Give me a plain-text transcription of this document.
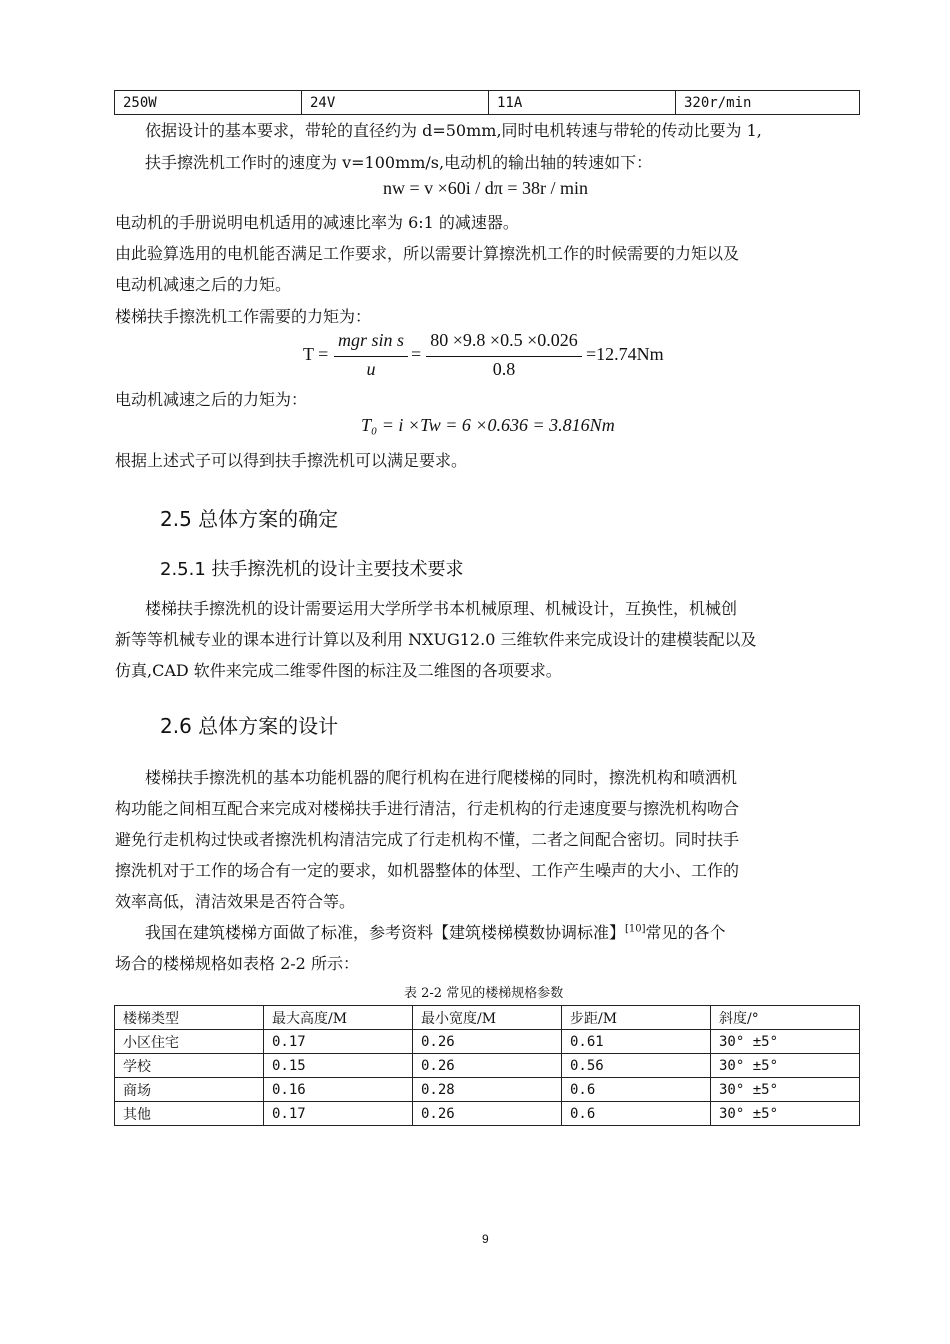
250W	24V	11A	320r/min
依据设计的基本要求，带轮的直径约为 d=50mm,同时电机转速与带轮的传动比要为 1,
扶手擦洗机工作时的速度为 v=100mm/s,电动机的输出轴的转速如下：
nw = v ×60i / dπ = 38r / min
电动机的手册说明电机适用的减速比率为 6:1 的减速器。
由此验算选用的电机能否满足工作要求，所以需要计算擦洗机工作的时候需要的力矩以及
电动机减速之后的力矩。
楼梯扶手擦洗机工作需要的力矩为：
T =
mgr sin s
u
=
80 ×9.8 ×0.5 ×0.026
0.8
=12.74Nm
电动机减速之后的力矩为：
T₀ = i ×Tw = 6 ×0.636 = 3.816Nm
根据上述式子可以得到扶手擦洗机可以满足要求。
2.5 总体方案的确定
2.5.1 扶手擦洗机的设计主要技术要求
楼梯扶手擦洗机的设计需要运用大学所学书本机械原理、机械设计，互换性，机械创
新等等机械专业的课本进行计算以及利用 NXUG12.0 三维软件来完成设计的建模装配以及
仿真,CAD 软件来完成二维零件图的标注及二维图的各项要求。
2.6 总体方案的设计
楼梯扶手擦洗机的基本功能机器的爬行机构在进行爬楼梯的同时，擦洗机构和喷洒机
构功能之间相互配合来完成对楼梯扶手进行清洁，行走机构的行走速度要与擦洗机构吻合
避免行走机构过快或者擦洗机构清洁完成了行走机构不懂，二者之间配合密切。同时扶手
擦洗机对于工作的场合有一定的要求，如机器整体的体型、工作产生噪声的大小、工作的
效率高低，清洁效果是否符合等。
我国在建筑楼梯方面做了标准，参考资料【建筑楼梯模数协调标准】[10]常见的各个
场合的楼梯规格如表格 2-2 所示：
表 2-2 常见的楼梯规格参数
楼梯类型	最大高度/M	最小宽度/M	步距/M	斜度/°
小区住宅	0.17	0.26	0.61	30° ±5°
学校	0.15	0.26	0.56	30° ±5°
商场	0.16	0.28	0.6	30° ±5°
其他	0.17	0.26	0.6	30° ±5°
9
